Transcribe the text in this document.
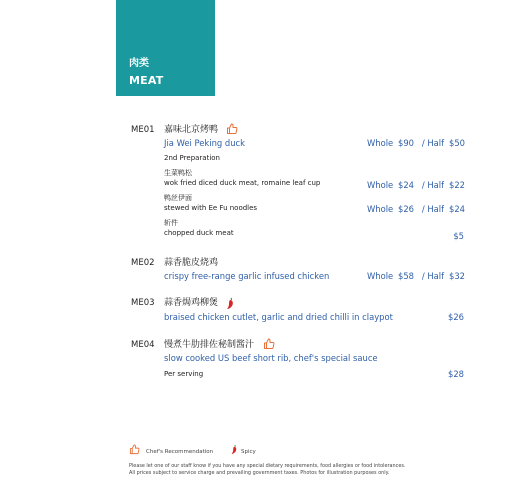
肉类
MEAT
ME01 嘉味北京烤鸭
Jia Wei Peking duck	Whole $90 / Half $50
2nd Preparation
生菜鸭松
wok fried diced duck meat, romaine leaf cup	Whole $24 / Half $22
鸭丝伊面
stewed with Ee Fu noodles	Whole $26 / Half $24
斩件
chopped duck meat	$5
ME02 蒜香脆皮烧鸡
crispy free-range garlic infused chicken	Whole $58 / Half $32
ME03 蒜香焗鸡柳煲
braised chicken cutlet, garlic and dried chilli in claypot	$26
ME04 慢煮牛肋排佐秘制酱汁
slow cooked US beef short rib, chef's special sauce
Per serving	$28
Chef's Recommendation	Spicy
Please let one of our staff know if you have any special dietary requirements, food allergies or food intolerances.
All prices subject to service charge and prevailing government taxes. Photos for illustration purposes only.
